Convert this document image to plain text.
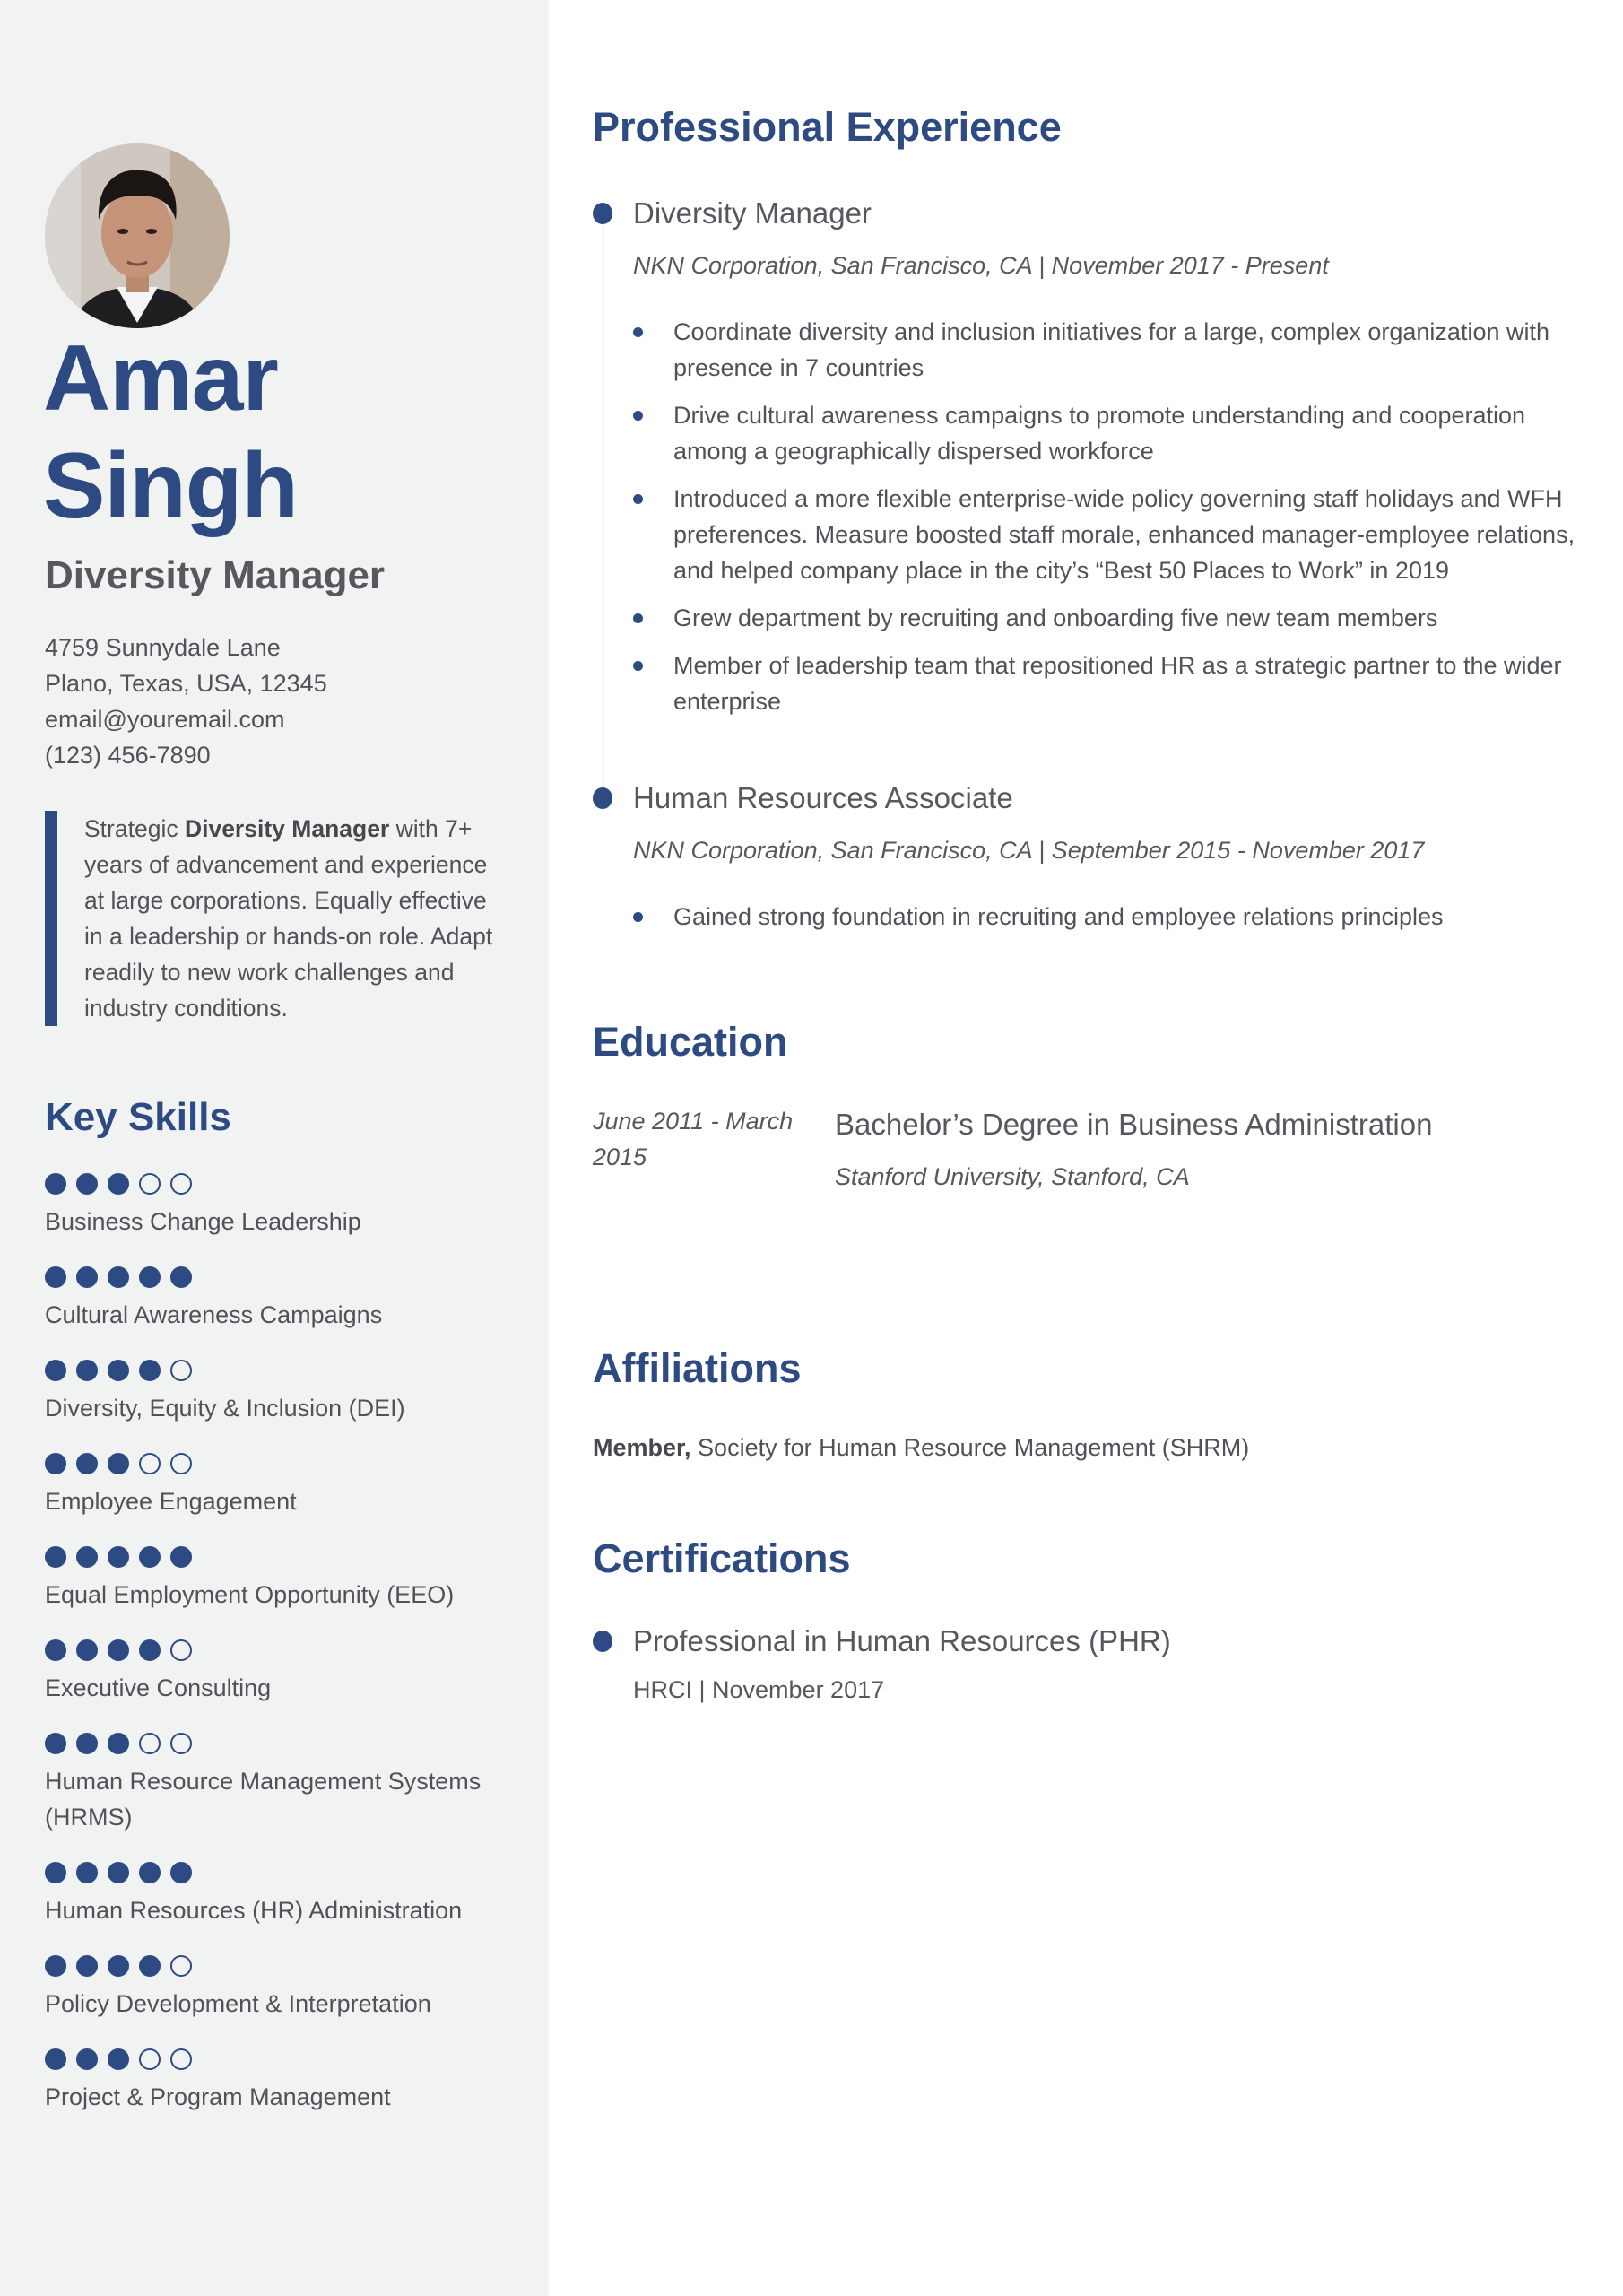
Amar
Singh
Diversity Manager
4759 Sunnydale Lane
Plano, Texas, USA, 12345
email@youremail.com
(123) 456-7890
Strategic Diversity Manager with 7+ years of advancement and experience at large corporations. Equally effective in a leadership or hands-on role. Adapt readily to new work challenges and industry conditions.
Key Skills
Business Change Leadership
Cultural Awareness Campaigns
Diversity, Equity & Inclusion (DEI)
Employee Engagement
Equal Employment Opportunity (EEO)
Executive Consulting
Human Resource Management Systems (HRMS)
Human Resources (HR) Administration
Policy Development & Interpretation
Project & Program Management
Professional Experience
Diversity Manager
NKN Corporation, San Francisco, CA | November 2017 - Present
Coordinate diversity and inclusion initiatives for a large, complex organization with presence in 7 countries
Drive cultural awareness campaigns to promote understanding and cooperation among a geographically dispersed workforce
Introduced a more flexible enterprise-wide policy governing staff holidays and WFH preferences. Measure boosted staff morale, enhanced manager-employee relations, and helped company place in the city’s “Best 50 Places to Work” in 2019
Grew department by recruiting and onboarding five new team members
Member of leadership team that repositioned HR as a strategic partner to the wider enterprise
Human Resources Associate
NKN Corporation, San Francisco, CA | September 2015 - November 2017
Gained strong foundation in recruiting and employee relations principles
Education
June 2011 - March 2015
Bachelor’s Degree in Business Administration
Stanford University, Stanford, CA
Affiliations
Member, Society for Human Resource Management (SHRM)
Certifications
Professional in Human Resources (PHR)
HRCI | November 2017
